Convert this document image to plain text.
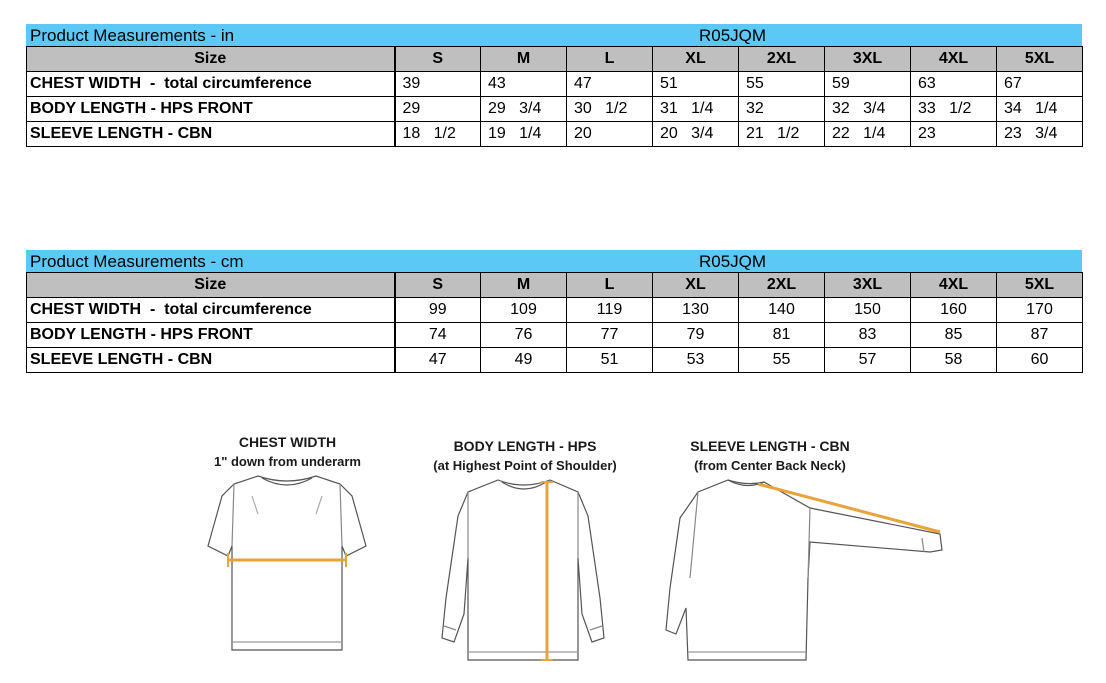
Product Measurements - in	R05JQM
Size	S	M	L	XL	2XL	3XL	4XL	5XL
CHEST WIDTH  -  total circumference	39	43	47	51	55	59	63	67
BODY LENGTH - HPS FRONT	29	29   3/4	30   1/2	31   1/4	32	32   3/4	33   1/2	34   1/4
SLEEVE LENGTH - CBN	18   1/2	19   1/4	20	20   3/4	21   1/2	22   1/4	23	23   3/4
Product Measurements - cm	R05JQM
Size	S	M	L	XL	2XL	3XL	4XL	5XL
CHEST WIDTH  -  total circumference	99	109	119	130	140	150	160	170
BODY LENGTH - HPS FRONT	74	76	77	79	81	83	85	87
SLEEVE LENGTH - CBN	47	49	51	53	55	57	58	60
CHEST WIDTH
1" down from underarm
BODY LENGTH - HPS
(at Highest Point of Shoulder)
SLEEVE LENGTH - CBN
(from Center Back Neck)
